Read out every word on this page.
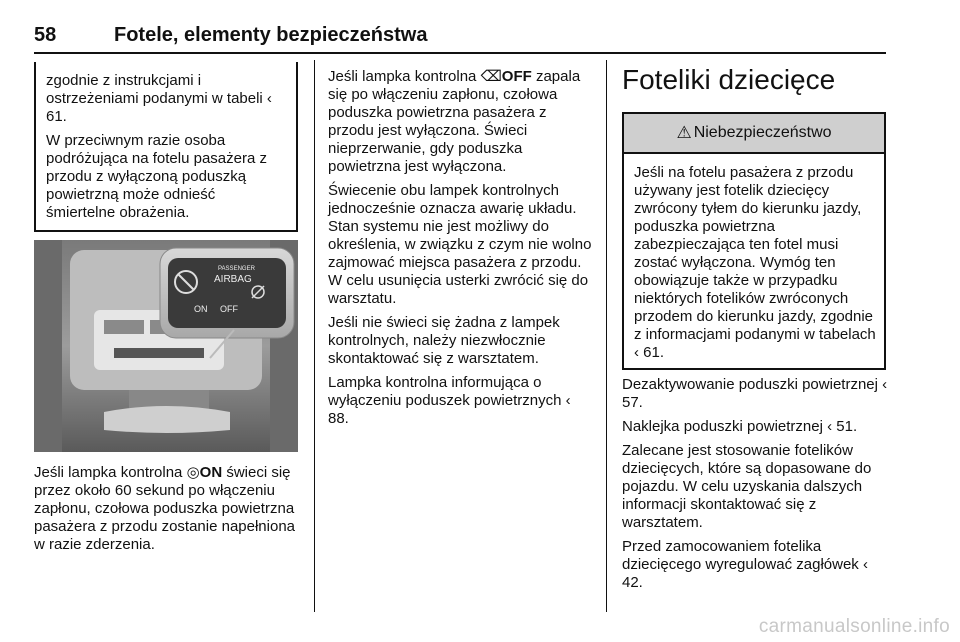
58	Fotele, elementy bezpieczeństwa

zgodnie z instrukcjami i ostrzeżeniami podanymi w tabeli ‹ 61.

W przeciwnym razie osoba podróżująca na fotelu pasażera z przodu z wyłączoną poduszką powietrzną może odnieść śmiertelne obrażenia.

PASSENGER
AIRBAG
ON OFF

Jeśli lampka kontrolna ◎ON świeci się przez około 60 sekund po włączeniu zapłonu, czołowa poduszka powietrzna pasażera z przodu zostanie napełniona w razie zderzenia.

Jeśli lampka kontrolna ⌫OFF zapala się po włączeniu zapłonu, czołowa poduszka powietrzna pasażera z przodu jest wyłączona. Świeci nieprzerwanie, gdy poduszka powietrzna jest wyłączona.

Świecenie obu lampek kontrolnych jednocześnie oznacza awarię układu. Stan systemu nie jest możliwy do określenia, w związku z czym nie wolno zajmować miejsca pasażera z przodu. W celu usunięcia usterki zwrócić się do warsztatu.

Jeśli nie świeci się żadna z lampek kontrolnych, należy niezwłocznie skontaktować się z warsztatem.

Lampka kontrolna informująca o wyłączeniu poduszek powietrznych ‹ 88.

Foteliki dziecięce
⚠ Niebezpieczeństwo

Jeśli na fotelu pasażera z przodu używany jest fotelik dziecięcy zwrócony tyłem do kierunku jazdy, poduszka powietrzna zabezpieczająca ten fotel musi zostać wyłączona. Wymóg ten obowiązuje także w przypadku niektórych fotelików zwróconych przodem do kierunku jazdy, zgodnie z informacjami podanymi w tabelach ‹ 61.

Dezaktywowanie poduszki powietrznej ‹ 57.

Naklejka poduszki powietrznej ‹ 51.

Zalecane jest stosowanie fotelików dziecięcych, które są dopasowane do pojazdu. W celu uzyskania dalszych informacji skontaktować się z warsztatem.

Przed zamocowaniem fotelika dziecięcego wyregulować zagłówek ‹ 42.

carmanualsonline.info
